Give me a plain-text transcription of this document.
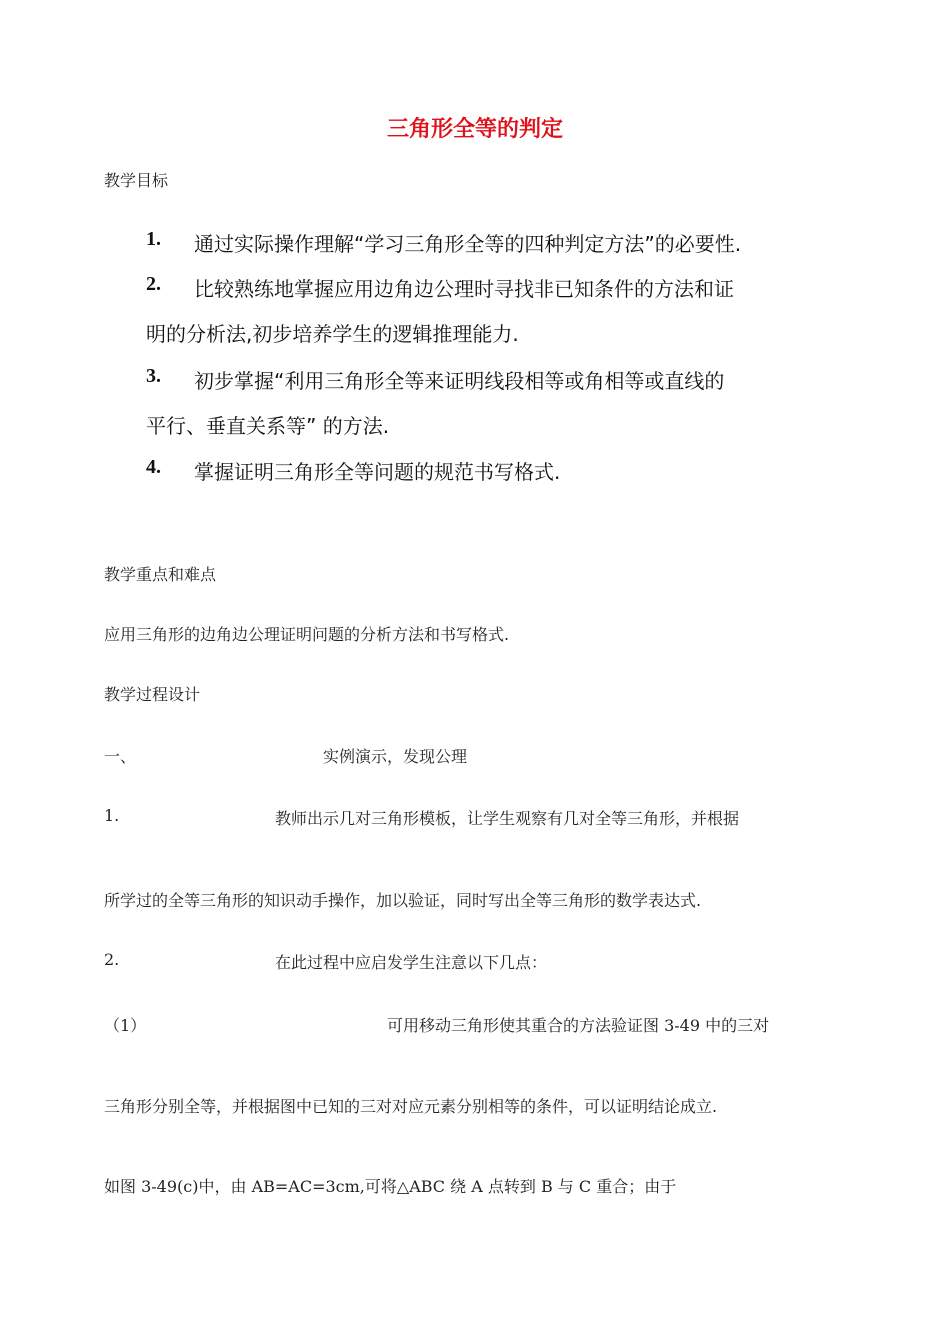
三角形全等的判定
教学目标
1. 通过实际操作理解“学习三角形全等的四种判定方法”的必要性.
2. 比较熟练地掌握应用边角边公理时寻找非已知条件的方法和证
明的分析法,初步培养学生的逻辑推理能力.
3. 初步掌握“利用三角形全等来证明线段相等或角相等或直线的
平行、垂直关系等” 的方法.
4. 掌握证明三角形全等问题的规范书写格式.
教学重点和难点
应用三角形的边角边公理证明问题的分析方法和书写格式.
教学过程设计
一、	实例演示，发现公理
1.	教师出示几对三角形模板，让学生观察有几对全等三角形，并根据
所学过的全等三角形的知识动手操作，加以验证，同时写出全等三角形的数学表达式.
2.	在此过程中应启发学生注意以下几点：
（1）	可用移动三角形使其重合的方法验证图 3-49 中的三对
三角形分别全等，并根据图中已知的三对对应元素分别相等的条件，可以证明结论成立.
如图 3-49(c)中，由 AB=AC=3cm,可将△ABC 绕 A 点转到 B 与 C 重合；由于
